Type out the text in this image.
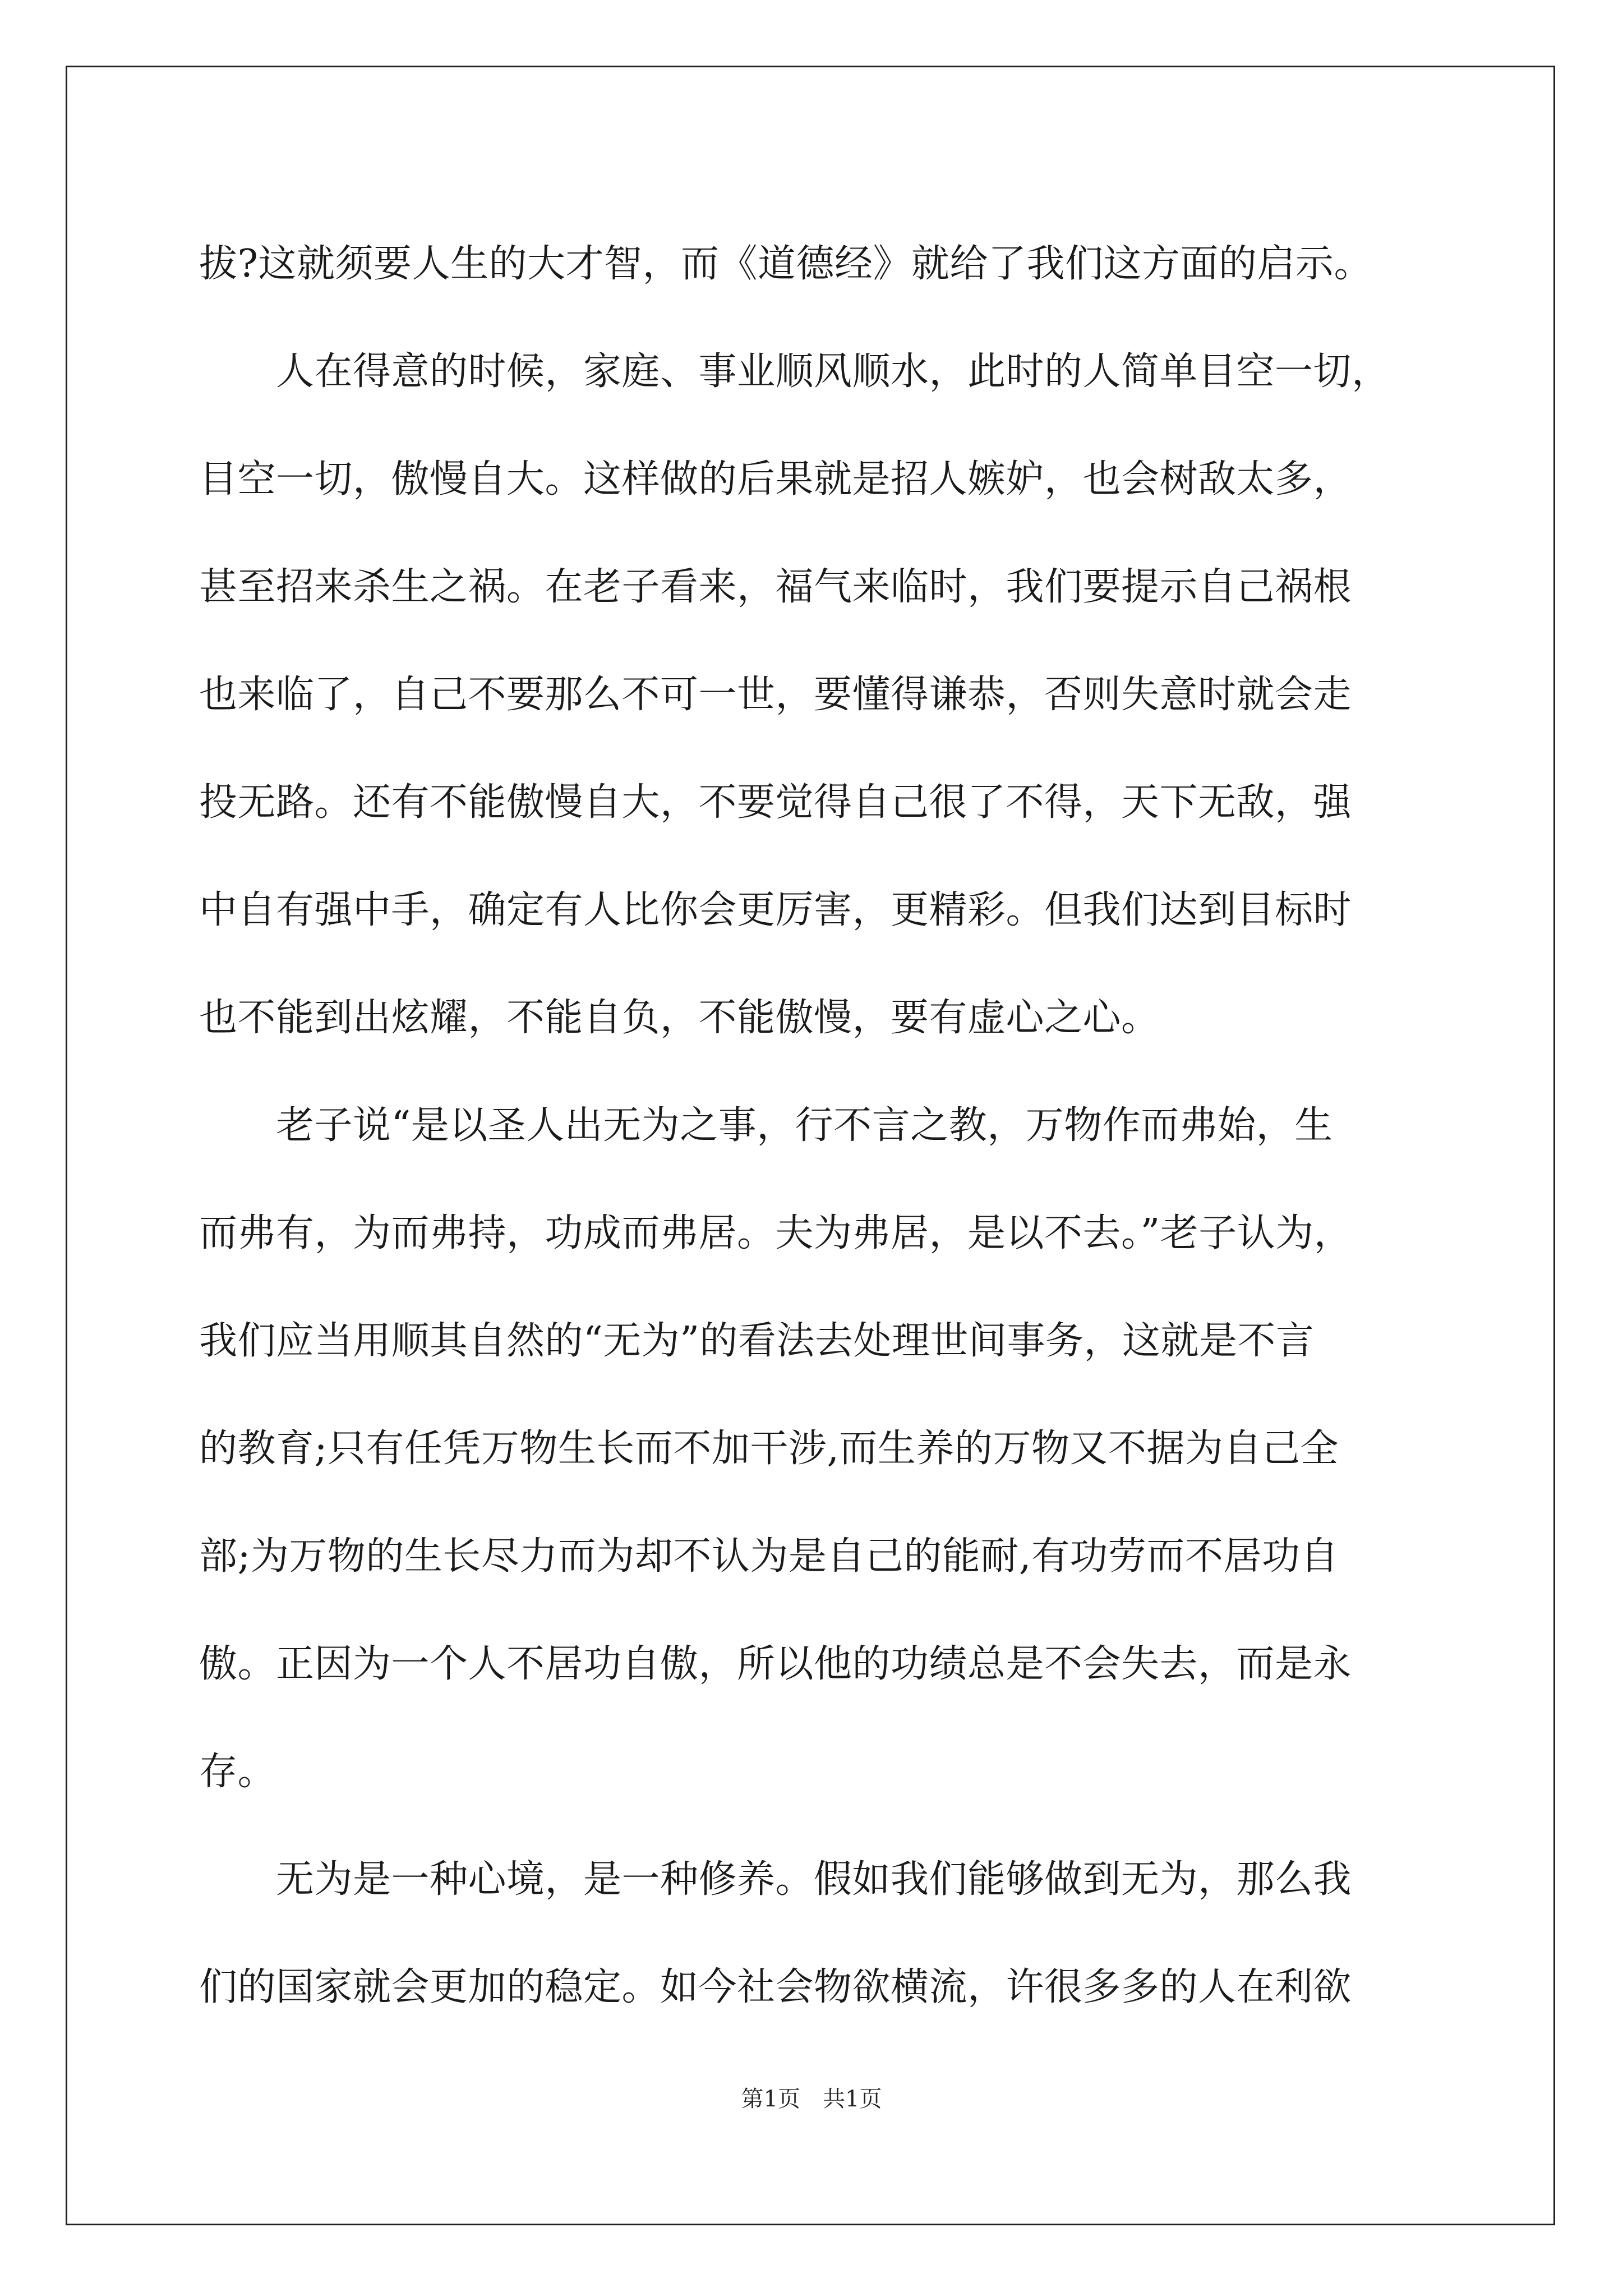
拔?这就须要人生的大才智，而《道德经》就给了我们这方面的启示。
　　人在得意的时候，家庭、事业顺风顺水，此时的人简单目空一切，
目空一切，傲慢自大。这样做的后果就是招人嫉妒，也会树敌太多，
甚至招来杀生之祸。在老子看来，福气来临时，我们要提示自己祸根
也来临了，自己不要那么不可一世，要懂得谦恭，否则失意时就会走
投无路。还有不能傲慢自大，不要觉得自己很了不得，天下无敌，强
中自有强中手，确定有人比你会更厉害，更精彩。但我们达到目标时
也不能到出炫耀，不能自负，不能傲慢，要有虚心之心。
　　老子说“是以圣人出无为之事，行不言之教，万物作而弗始，生
而弗有，为而弗持，功成而弗居。夫为弗居，是以不去。”老子认为，
我们应当用顺其自然的“无为”的看法去处理世间事务，这就是不言
的教育;只有任凭万物生长而不加干涉,而生养的万物又不据为自己全
部;为万物的生长尽力而为却不认为是自己的能耐,有功劳而不居功自
傲。正因为一个人不居功自傲，所以他的功绩总是不会失去，而是永
存。
　　无为是一种心境，是一种修养。假如我们能够做到无为，那么我
们的国家就会更加的稳定。如今社会物欲横流，许很多多的人在利欲
第1页　共1页
